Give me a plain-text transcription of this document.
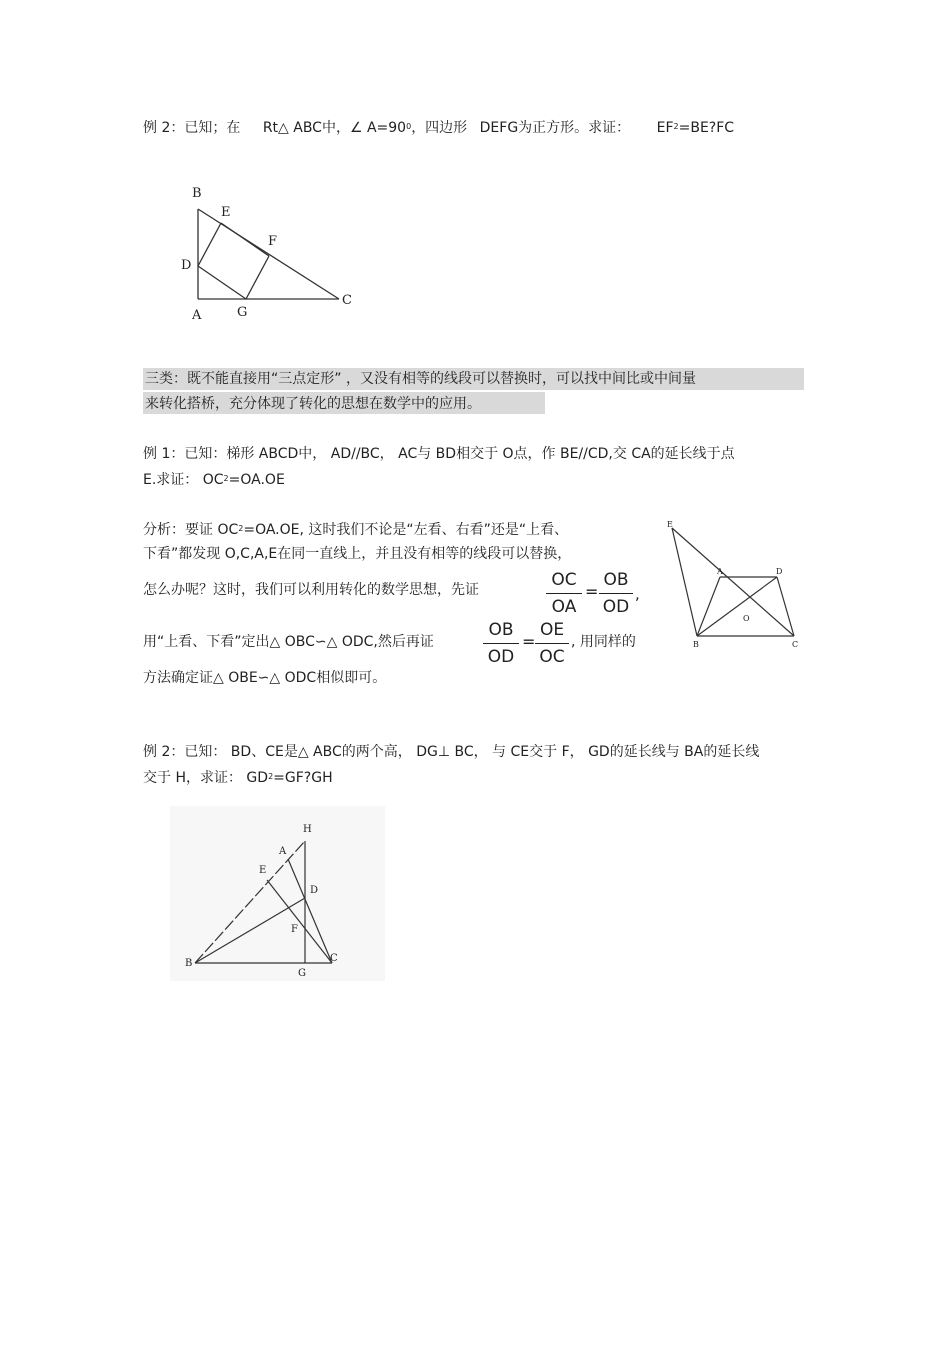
例 2：已知；在 Rt△ ABC中，∠ $A=90^0$，四边形 DEFG为正方形。求证： $EF^2=BE?FC$
B
E
F
D
C
A	G
三类：既不能直接用“三点定形” ，又没有相等的线段可以替换时，可以找中间比或中间量
来转化搭桥，充分体现了转化的思想在数学中的应用。
例 1：已知：梯形 ABCD中， AD//BC， AC与 BD相交于 O点，作 BE//CD,交 CA的延长线于点
E.求证： $OC^2=OA.OE$
分析：要证 $OC^2=OA.OE$, 这时我们不论是“左看、右看”还是“上看、
下看”都发现 O,C,A,E在同一直线上，并且没有相等的线段可以替换，
怎么办呢？这时，我们可以利用转化的数学思想，先证	OC
OA
=
OB
OD
,
用“上看、下看”定出△ OBC∽△ ODC,然后再证
OB
OD
=
OE
OC
, 用同样的
方法确定证△ OBE∽△ ODC相似即可。
E
A	D
O
B	C
例 2：已知： BD、CE是△ ABC的两个高， DG⊥ BC， 与 CE交于 F， GD的延长线与 BA的延长线
交于 H，求证： $GD^2=GF?GH$
H
A
E
D
F
B
G
C
